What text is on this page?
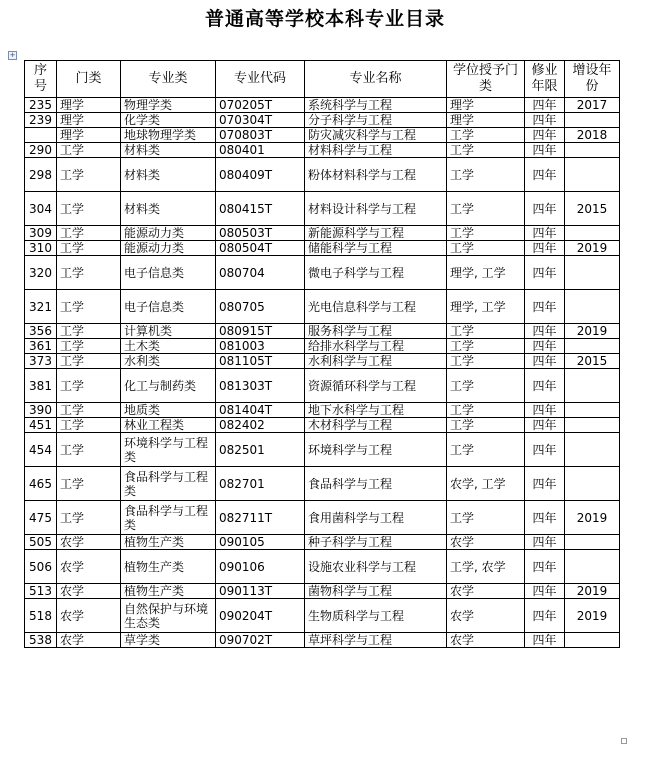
普通高等学校本科专业目录
+
序号	门类	专业类	专业代码	专业名称	学位授予门类	修业年限	增设年份
235	理学	物理学类	070205T	系统科学与工程	理学	四年	2017
239	理学	化学类	070304T	分子科学与工程	理学	四年	
	理学	地球物理学类	070803T	防灾减灾科学与工程	工学	四年	2018
290	工学	材料类	080401	材料科学与工程	工学	四年	
298	工学	材料类	080409T	粉体材料科学与工程	工学	四年	
304	工学	材料类	080415T	材料设计科学与工程	工学	四年	2015
309	工学	能源动力类	080503T	新能源科学与工程	工学	四年	
310	工学	能源动力类	080504T	储能科学与工程	工学	四年	2019
320	工学	电子信息类	080704	微电子科学与工程	理学, 工学	四年	
321	工学	电子信息类	080705	光电信息科学与工程	理学, 工学	四年	
356	工学	计算机类	080915T	服务科学与工程	工学	四年	2019
361	工学	土木类	081003	给排水科学与工程	工学	四年	
373	工学	水利类	081105T	水利科学与工程	工学	四年	2015
381	工学	化工与制药类	081303T	资源循环科学与工程	工学	四年	
390	工学	地质类	081404T	地下水科学与工程	工学	四年	
451	工学	林业工程类	082402	木材科学与工程	工学	四年	
454	工学	环境科学与工程类	082501	环境科学与工程	工学	四年	
465	工学	食品科学与工程类	082701	食品科学与工程	农学, 工学	四年	
475	工学	食品科学与工程类	082711T	食用菌科学与工程	工学	四年	2019
505	农学	植物生产类	090105	种子科学与工程	农学	四年	
506	农学	植物生产类	090106	设施农业科学与工程	工学, 农学	四年	
513	农学	植物生产类	090113T	菌物科学与工程	农学	四年	2019
518	农学	自然保护与环境生态类	090204T	生物质科学与工程	农学	四年	2019
538	农学	草学类	090702T	草坪科学与工程	农学	四年	
